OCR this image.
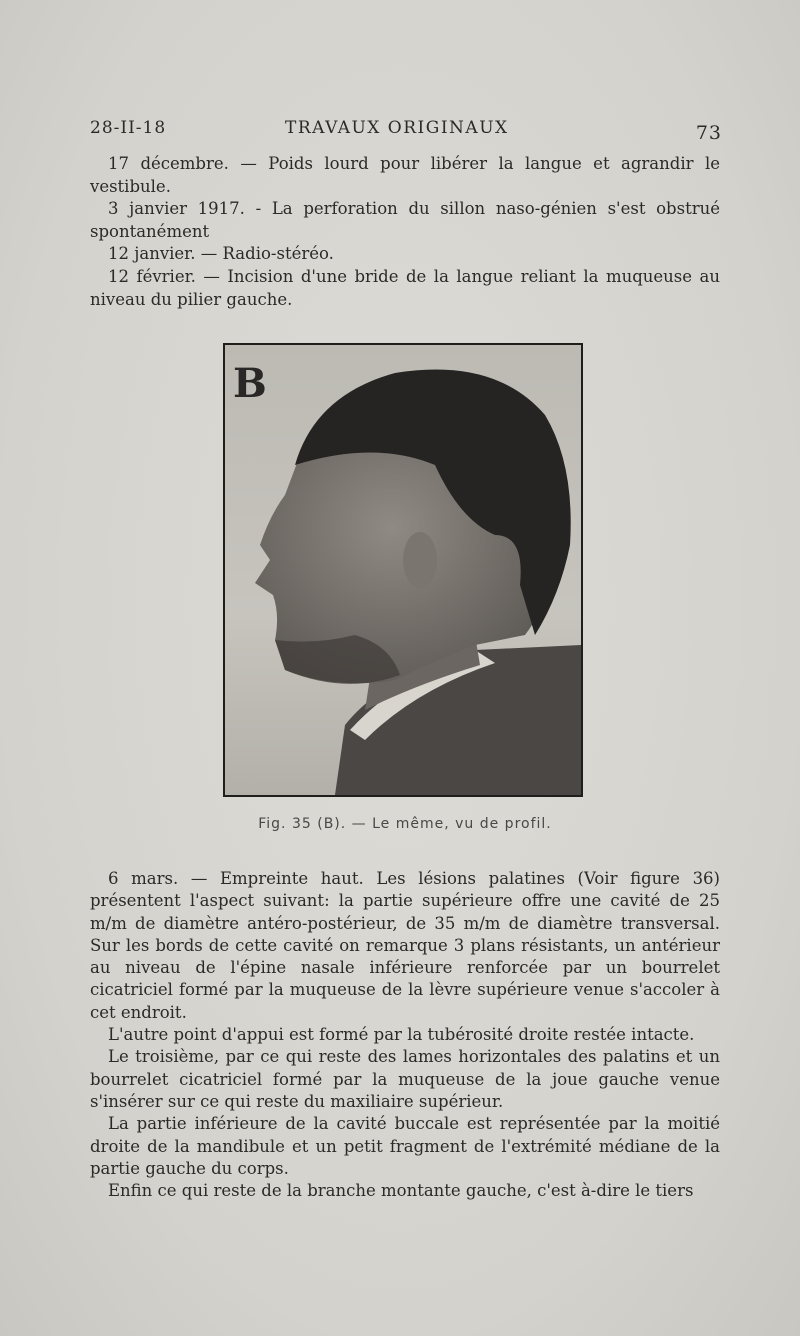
28-II-18	TRAVAUX ORIGINAUX	73

17 décembre. — Poids lourd pour libérer la langue et agrandir le vestibule.

3 janvier 1917. - La perforation du sillon naso-génien s'est obstrué spontanément

12 janvier. — Radio-stéréo.

12 février. — Incision d'une bride de la langue reliant la muqueuse au niveau du pilier gauche.

B
Fig. 35 (B). — Le même, vu de profil.

6 mars. — Empreinte haut. Les lésions palatines (Voir figure 36) présentent l'aspect suivant: la partie supérieure offre une cavité de 25 m/m de diamètre antéro-postérieur, de 35 m/m de diamètre transversal. Sur les bords de cette cavité on remarque 3 plans résistants, un antérieur au niveau de l'épine nasale inférieure renforcée par un bourrelet cicatriciel formé par la muqueuse de la lèvre supérieure venue s'accoler à cet endroit.

L'autre point d'appui est formé par la tubérosité droite restée intacte.

Le troisième, par ce qui reste des lames horizontales des palatins et un bourrelet cicatriciel formé par la muqueuse de la joue gauche venue s'insérer sur ce qui reste du maxiliaire supérieur.

La partie inférieure de la cavité buccale est représentée par la moitié droite de la mandibule et un petit fragment de l'extrémité médiane de la partie gauche du corps.

Enfin ce qui reste de la branche montante gauche, c'est à-dire le tiers
